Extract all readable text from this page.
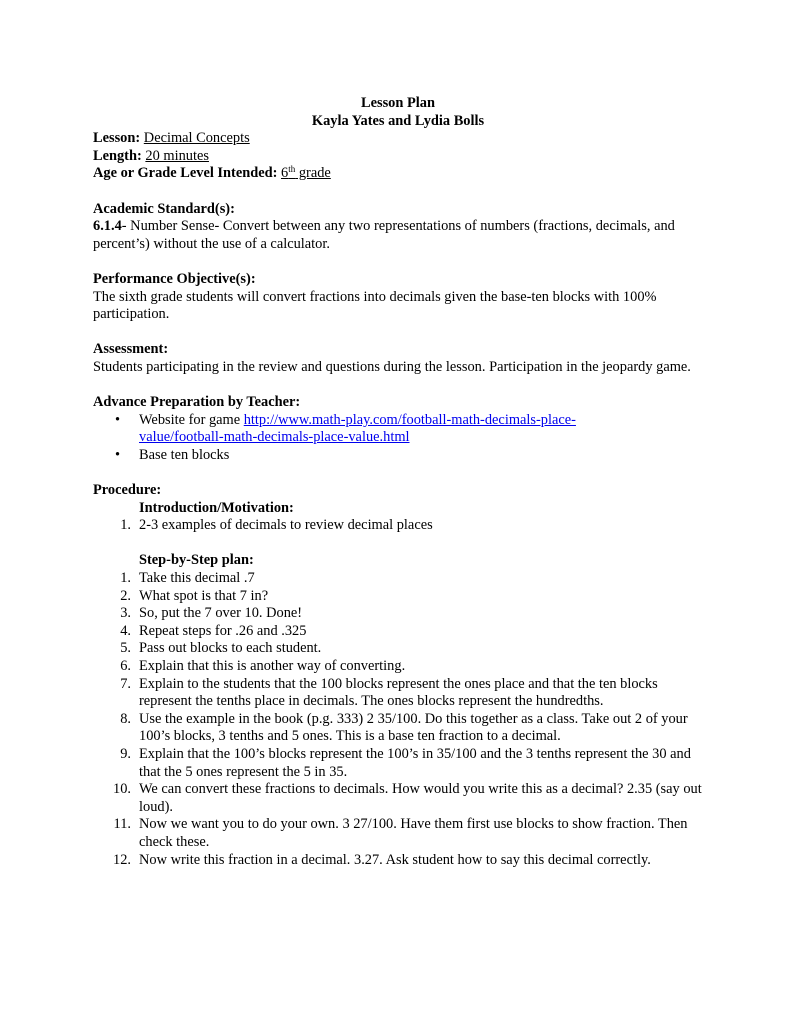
Lesson Plan

Kayla Yates and Lydia Bolls

Lesson: Decimal Concepts

Length: 20 minutes

Age or Grade Level Intended: 6th grade

Academic Standard(s):

6.1.4- Number Sense- Convert between any two representations of numbers (fractions, decimals, and percent’s) without the use of a calculator.

Performance Objective(s):

The sixth grade students will convert fractions into decimals given the base-ten blocks with 100% participation.

Assessment:

Students participating in the review and questions during the lesson. Participation in the jeopardy game.

Advance Preparation by Teacher:

• Website for game http://www.math-play.com/football-math-decimals-place-
value/football-math-decimals-place-value.html
• Base ten blocks

Procedure:

Introduction/Motivation:

1. 2-3 examples of decimals to review decimal places

Step-by-Step plan:

1. Take this decimal .7
2. What spot is that 7 in?
3. So, put the 7 over 10. Done!
4. Repeat steps for .26 and .325
5. Pass out blocks to each student.
6. Explain that this is another way of converting.
7. Explain to the students that the 100 blocks represent the ones place and that the ten blocks represent the tenths place in decimals. The ones blocks represent the hundredths.
8. Use the example in the book (p.g. 333) 2 35/100. Do this together as a class. Take out 2 of your 100’s blocks, 3 tenths and 5 ones. This is a base ten fraction to a decimal.
9. Explain that the 100’s blocks represent the 100’s in 35/100 and the 3 tenths represent the 30 and that the 5 ones represent the 5 in 35.
10. We can convert these fractions to decimals. How would you write this as a decimal? 2.35 (say out loud).
11. Now we want you to do your own. 3 27/100. Have them first use blocks to show fraction. Then check these.
12. Now write this fraction in a decimal. 3.27. Ask student how to say this decimal correctly.
